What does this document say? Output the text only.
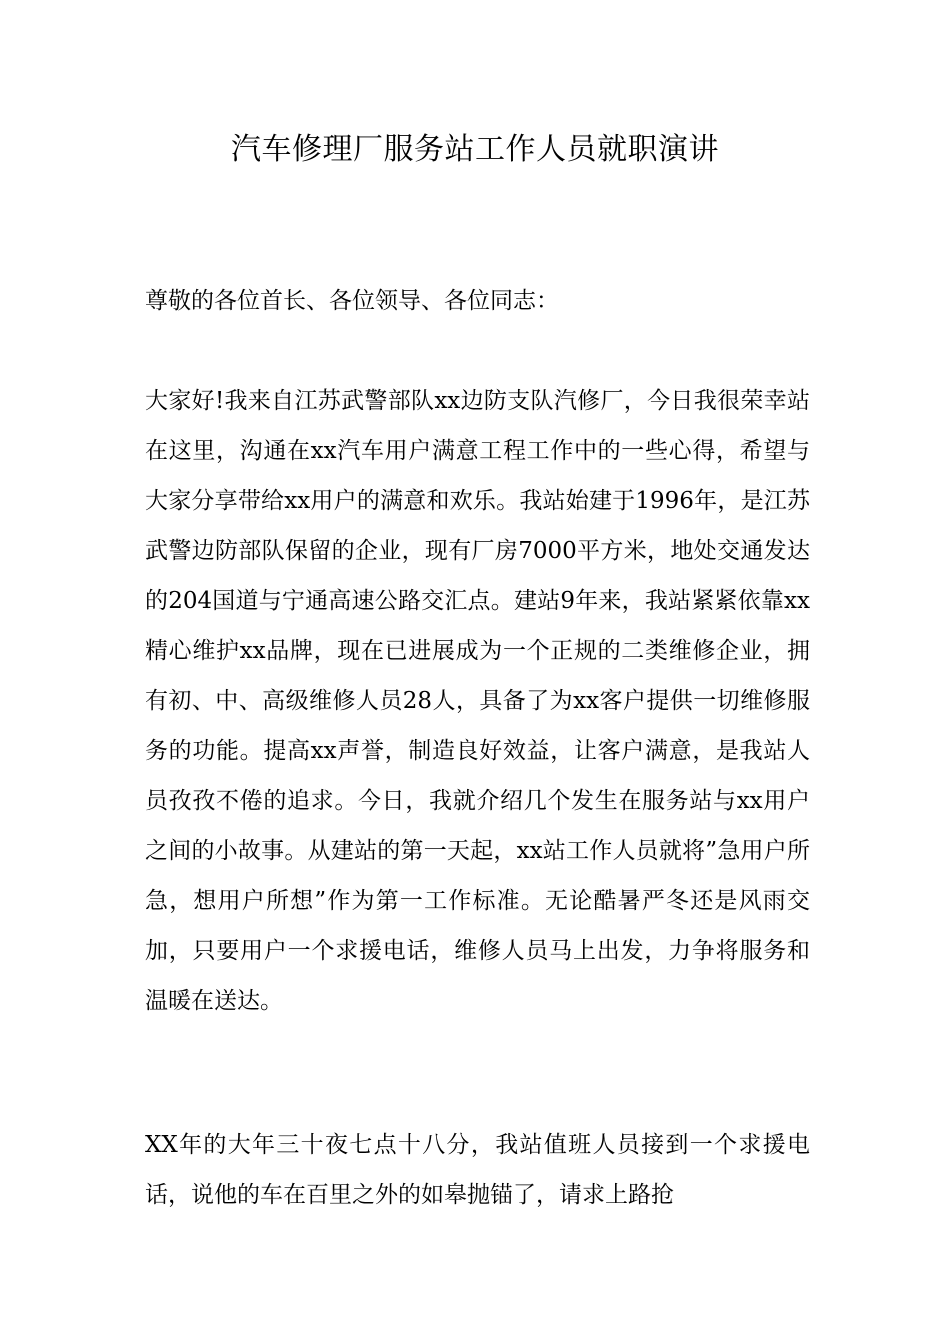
汽车修理厂服务站工作人员就职演讲

尊敬的各位首长、各位领导、各位同志：

大家好!我来自江苏武警部队xx边防支队汽修厂，今日我很荣幸站在这里，沟通在xx汽车用户满意工程工作中的一些心得，希望与大家分享带给xx用户的满意和欢乐。我站始建于1996年，是江苏武警边防部队保留的企业，现有厂房7000平方米，地处交通发达的204国道与宁通高速公路交汇点。建站9年来，我站紧紧依靠xx精心维护xx品牌，现在已进展成为一个正规的二类维修企业，拥有初、中、高级维修人员28人，具备了为xx客户提供一切维修服务的功能。提高xx声誉，制造良好效益，让客户满意，是我站人员孜孜不倦的追求。今日，我就介绍几个发生在服务站与xx用户之间的小故事。从建站的第一天起，xx站工作人员就将”急用户所急，想用户所想”作为第一工作标准。无论酷暑严冬还是风雨交加，只要用户一个求援电话，维修人员马上出发，力争将服务和温暖在送达。

XX年的大年三十夜七点十八分，我站值班人员接到一个求援电话，说他的车在百里之外的如皋抛锚了，请求上路抢
